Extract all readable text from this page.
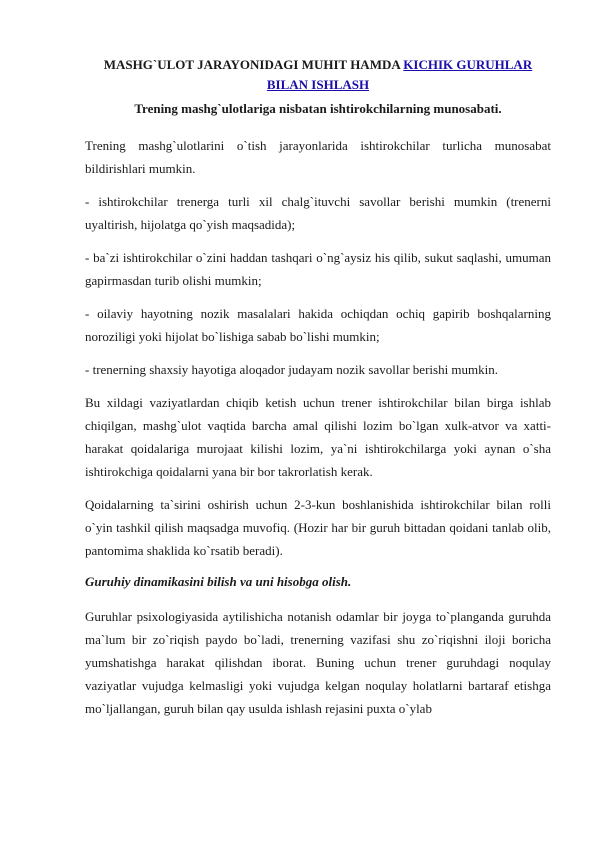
MASHG`ULOT JARAYONIDAGI MUHIT HAMDA KICHIK GURUHLAR BILAN ISHLASH

Trening mashg`ulotlariga nisbatan ishtirokchilarning munosabati.

Trening mashg`ulotlarini o`tish jarayonlarida ishtirokchilar turlicha munosabat bildirishlari mumkin.

- ishtirokchilar trenerga turli xil chalg`ituvchi savollar berishi mumkin (trenerni uyaltirish, hijolatga qo`yish maqsadida);

- ba`zi ishtirokchilar o`zini haddan tashqari o`ng`aysiz his qilib, sukut saqlashi, umuman gapirmasdan turib olishi mumkin;

- oilaviy hayotning nozik masalalari hakida ochiqdan ochiq gapirib boshqalarning noroziligi yoki hijolat bo`lishiga sabab bo`lishi mumkin;

- trenerning shaxsiy hayotiga aloqador judayam nozik savollar berishi mumkin.

Bu xildagi vaziyatlardan chiqib ketish uchun trener ishtirokchilar bilan birga ishlab chiqilgan, mashg`ulot vaqtida barcha amal qilishi lozim bo`lgan xulk-atvor va xatti-harakat qoidalariga murojaat kilishi lozim, ya`ni ishtirokchilarga yoki aynan o`sha ishtirokchiga qoidalarni yana bir bor takrorlatish kerak.

Qoidalarning ta`sirini oshirish uchun 2-3-kun boshlanishida ishtirokchilar bilan rolli o`yin tashkil qilish maqsadga muvofiq. (Hozir har bir guruh bittadan qoidani tanlab olib, pantomima shaklida ko`rsatib beradi).

Guruhiy dinamikasini bilish va uni hisobga olish.

Guruhlar psixologiyasida aytilishicha notanish odamlar bir joyga to`planganda guruhda ma`lum bir zo`riqish paydo bo`ladi, trenerning vazifasi shu zo`riqishni iloji boricha yumshatishga harakat qilishdan iborat. Buning uchun trener guruhdagi noqulay vaziyatlar vujudga kelmasligi yoki vujudga kelgan noqulay holatlarni bartaraf etishga mo`ljallangan, guruh bilan qay usulda ishlash rejasini puxta o`ylab
